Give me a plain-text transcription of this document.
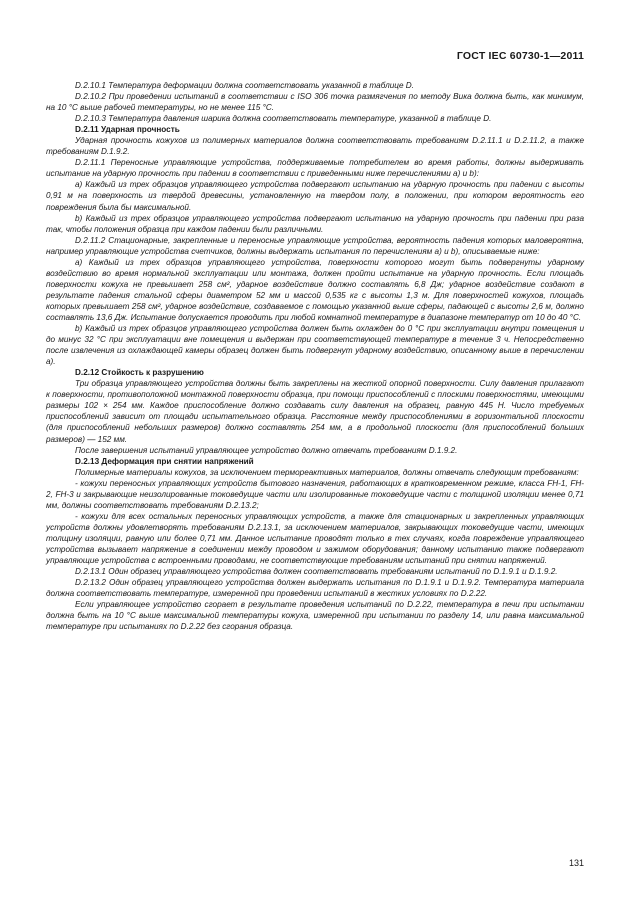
ГОСТ IEC 60730-1—2011

D.2.10.1 Температура деформации должна соответствовать указанной в таблице D.

D.2.10.2 При проведении испытаний в соответствии с ISO 306 точка размягчения по методу Вика должна быть, как минимум, на 10 °С выше рабочей температуры, но не менее 115 °С.

D.2.10.3 Температура давления шарика должна соответствовать температуре, указанной в таблице D.

D.2.11 Ударная прочность

Ударная прочность кожухов из полимерных материалов должна соответствовать требованиям D.2.11.1 и D.2.11.2, а также требованиям D.1.9.2.

D.2.11.1 Переносные управляющие устройства, поддерживаемые потребителем во время работы, должны выдерживать испытание на ударную прочность при падении в соответствии с приведенными ниже перечислениями a) и b):

a) Каждый из трех образцов управляющего устройства подвергают испытанию на ударную прочность при падении с высоты 0,91 м на поверхность из твердой древесины, установленную на твердом полу, в положении, при котором вероятность его повреждения была бы максимальной.

b) Каждый из трех образцов управляющего устройства подвергают испытанию на ударную прочность при падении при раза так, чтобы положения образца при каждом падении были различными.

D.2.11.2 Стационарные, закрепленные и переносные управляющие устройства, вероятность падения которых маловероятна, например управляющие устройства счетчиков, должны выдержать испытания по перечислениям a) и b), описываемые ниже:

a) Каждый из трех образцов управляющего устройства, поверхности которого могут быть подвергнуты ударному воздействию во время нормальной эксплуатации или монтажа, должен пройти испытание на ударную прочность. Если площадь поверхности кожуха не превышает 258 см², ударное воздействие должно составлять 6,8 Дж; ударное воздействие создают в результате падения стальной сферы диаметром 52 мм и массой 0,535 кг с высоты 1,3 м. Для поверхностей кожухов, площадь которых превышает 258 см², ударное воздействие, создаваемое с помощью указанной выше сферы, падающей с высоты 2,6 м, должно составлять 13,6 Дж. Испытание допускается проводить при любой комнатной температуре в диапазоне температур от 10 до 40 °С.

b) Каждый из трех образцов управляющего устройства должен быть охлажден до 0 °С при эксплуатации внутри помещения и до минус 32 °С при эксплуатации вне помещения и выдержан при соответствующей температуре в течение 3 ч. Непосредственно после извлечения из охлаждающей камеры образец должен быть подвергнут ударному воздействию, описанному выше в перечислении a).

D.2.12 Стойкость к разрушению

Три образца управляющего устройства должны быть закреплены на жесткой опорной поверхности. Силу давления прилагают к поверхности, противоположной монтажной поверхности образца, при помощи приспособлений с плоскими поверхностями, имеющими размеры 102 × 254 мм. Каждое приспособление должно создавать силу давления на образец, равную 445 Н. Число требуемых приспособлений зависит от площади испытательного образца. Расстояние между приспособлениями в горизонтальной плоскости (для приспособлений небольших размеров) должно составлять 254 мм, а в продольной плоскости (для приспособлений больших размеров) — 152 мм.

После завершения испытаний управляющее устройство должно отвечать требованиям D.1.9.2.

D.2.13 Деформация при снятии напряжений

Полимерные материалы кожухов, за исключением термореактивных материалов, должны отвечать следующим требованиям:

- кожухи переносных управляющих устройств бытового назначения, работающих в кратковременном режиме, класса FH-1, FH-2, FH-3 и закрывающие неизолированные токоведущие части или изолированные токоведущие части с толщиной изоляции менее 0,71 мм, должны соответствовать требованиям D.2.13.2;

- кожухи для всех остальных переносных управляющих устройств, а также для стационарных и закрепленных управляющих устройств должны удовлетворять требованиям D.2.13.1, за исключением материалов, закрывающих токоведущие части, имеющих толщину изоляции, равную или более 0,71 мм. Данное испытание проводят только в тех случаях, когда повреждение управляющего устройства вызывает напряжение в соединении между проводом и зажимом оборудования; данному испытанию также подвергают управляющие устройства с встроенными проводами, не соответствующие требованиям испытаний при снятии напряжений.

D.2.13.1 Один образец управляющего устройства должен соответствовать требованиям испытаний по D.1.9.1 и D.1.9.2.

D.2.13.2 Один образец управляющего устройства должен выдержать испытания по D.1.9.1 и D.1.9.2. Температура материала должна соответствовать температуре, измеренной при проведении испытаний в жестких условиях по D.2.22.

Если управляющее устройство сгорает в результате проведения испытаний по D.2.22, температура в печи при испытании должна быть на 10 °С выше максимальной температуры кожуха, измеренной при испытании по разделу 14, или равна максимальной температуре при испытаниях по D.2.22 без сгорания образца.

131
